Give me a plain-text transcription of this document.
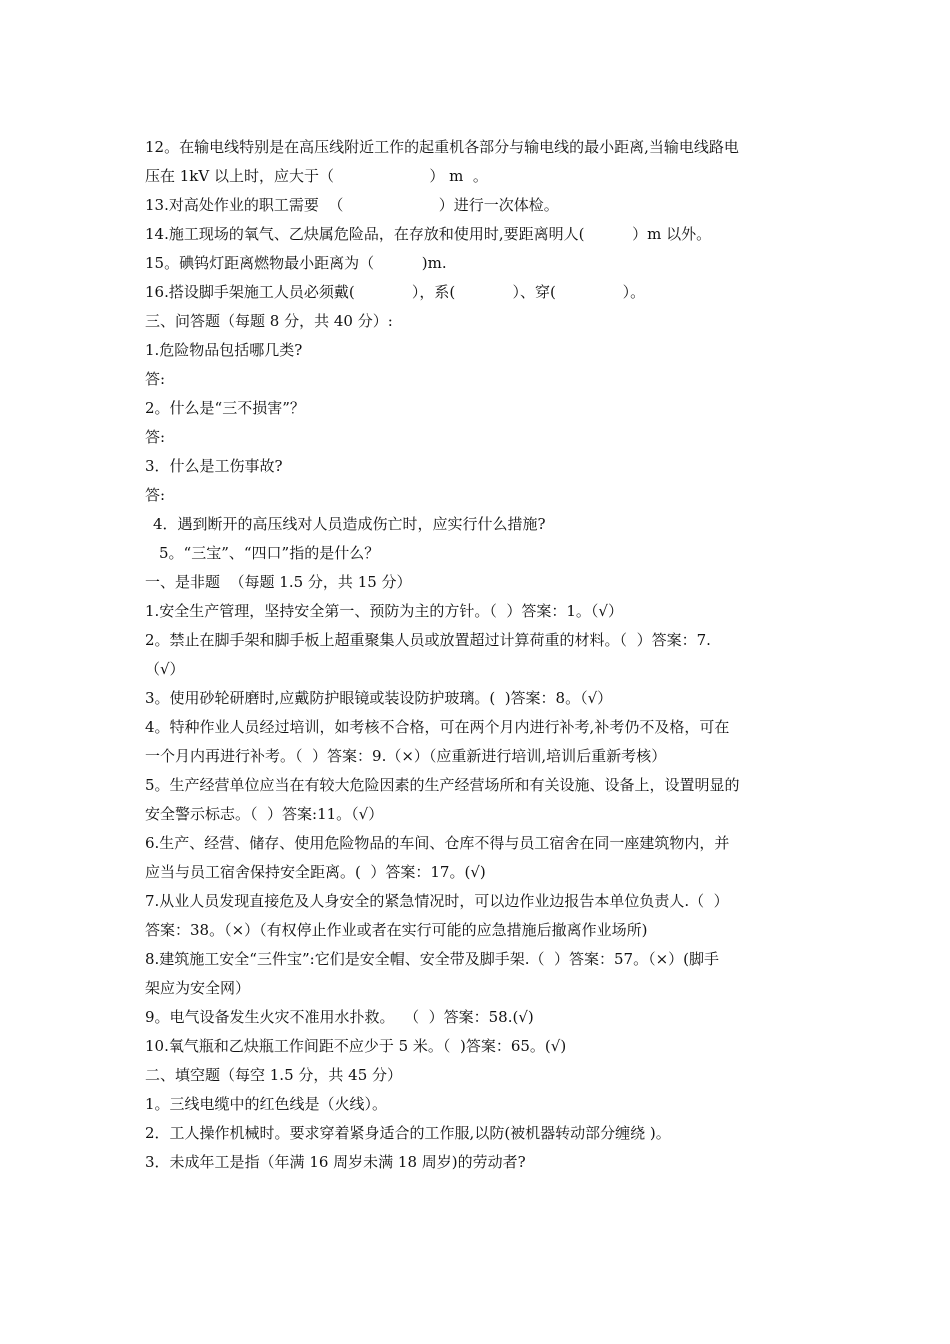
12。在输电线特别是在高压线附近工作的起重机各部分与输电线的最小距离,当输电线路电
压在 1kV 以上时，应大于（                    ） m  。
13.对高处作业的职工需要  （                    ）进行一次体检。
14.施工现场的氧气、乙炔属危险品，在存放和使用时,要距离明人(          ）m 以外。
15。碘钨灯距离燃物最小距离为（          )m.
16.搭设脚手架施工人员必须戴(            ），系(            ）、穿(              ）。
三、问答题（每题 8 分，共 40 分）:
1.危险物品包括哪几类?
答:
2。什么是“三不损害”？
答:
3．什么是工伤事故?
答:
4．遇到断开的高压线对人员造成伤亡时，应实行什么措施?
5。“三宝”、“四口”指的是什么？
一、是非题  （每题 1.5 分，共 15 分）
1.安全生产管理，坚持安全第一、预防为主的方针。（  ）答案：1。（√）
2。禁止在脚手架和脚手板上超重聚集人员或放置超过计算荷重的材料。（  ）答案：7.
（√）
3。使用砂轮研磨时,应戴防护眼镜或装设防护玻璃。(  )答案：8。（√）
4。特种作业人员经过培训，如考核不合格，可在两个月内进行补考,补考仍不及格，可在
一个月内再进行补考。（  ）答案：9.（×）（应重新进行培训,培训后重新考核）
5。生产经营单位应当在有较大危险因素的生产经营场所和有关设施、设备上，设置明显的
安全警示标志。（  ）答案:11。（√）
6.生产、经营、储存、使用危险物品的车间、仓库不得与员工宿舍在同一座建筑物内，并
应当与员工宿舍保持安全距离。(  ）答案：17。(√)
7.从业人员发现直接危及人身安全的紧急情况时，可以边作业边报告本单位负责人.（  ）
答案：38。（×）（有权停止作业或者在实行可能的应急措施后撤离作业场所)
8.建筑施工安全“三件宝”:它们是安全帽、安全带及脚手架.（  ）答案：57。（×）(脚手
架应为安全网）
9。电气设备发生火灾不准用水扑救。  （  ）答案：58.(√)
10.氧气瓶和乙炔瓶工作间距不应少于 5 米。（  )答案：65。(√)
二、填空题（每空 1.5 分，共 45 分）
1。三线电缆中的红色线是（火线）。
2．工人操作机械时。要求穿着紧身适合的工作服,以防(被机器转动部分缠绕 )。
3．未成年工是指（年满 16 周岁未满 18 周岁)的劳动者?
